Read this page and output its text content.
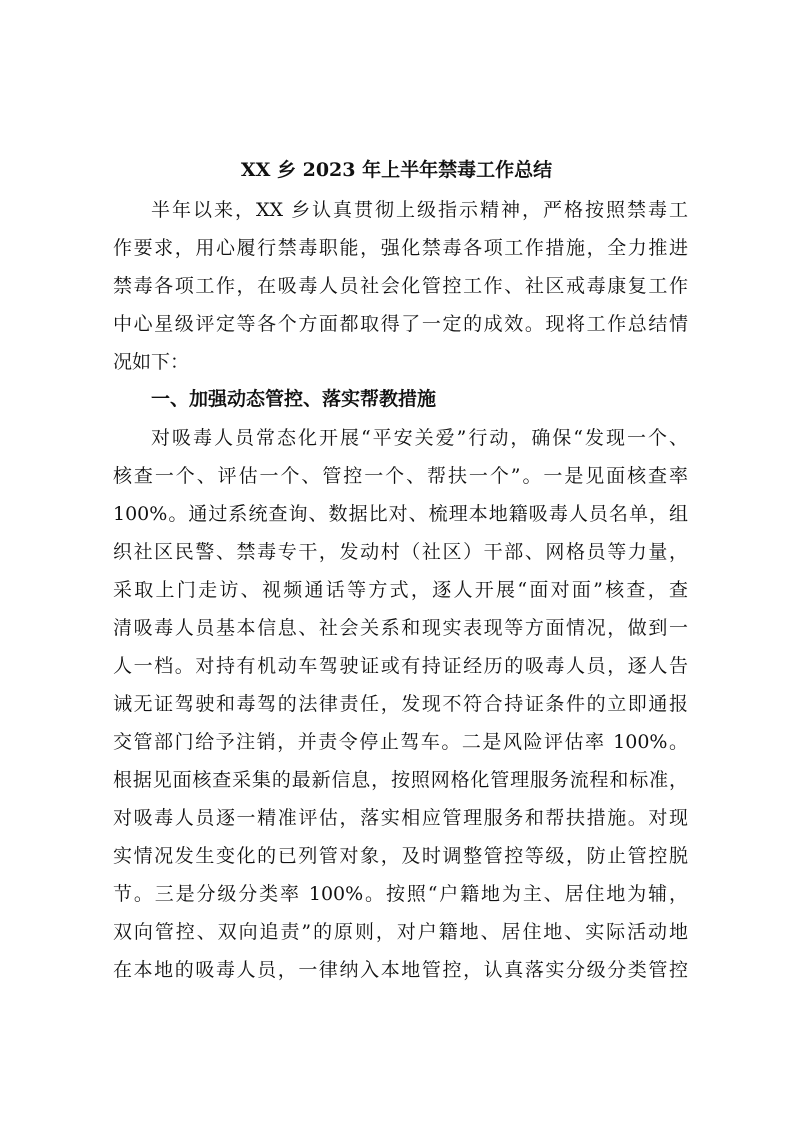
XX 乡 2023 年上半年禁毒工作总结

半年以来，XX 乡认真贯彻上级指示精神，严格按照禁毒工

作要求，用心履行禁毒职能，强化禁毒各项工作措施，全力推进

禁毒各项工作，在吸毒人员社会化管控工作、社区戒毒康复工作

中心星级评定等各个方面都取得了一定的成效。现将工作总结情

况如下：

一、加强动态管控、落实帮教措施

对吸毒人员常态化开展“平安关爱”行动，确保“发现一个、

核查一个、评估一个、管控一个、帮扶一个”。一是见面核查率

100%。通过系统查询、数据比对、梳理本地籍吸毒人员名单，组

织社区民警、禁毒专干，发动村（社区）干部、网格员等力量，

采取上门走访、视频通话等方式，逐人开展“面对面”核查，查

清吸毒人员基本信息、社会关系和现实表现等方面情况，做到一

人一档。对持有机动车驾驶证或有持证经历的吸毒人员，逐人告

诫无证驾驶和毒驾的法律责任，发现不符合持证条件的立即通报

交管部门给予注销，并责令停止驾车。二是风险评估率 100%。

根据见面核查采集的最新信息，按照网格化管理服务流程和标准，

对吸毒人员逐一精准评估，落实相应管理服务和帮扶措施。对现

实情况发生变化的已列管对象，及时调整管控等级，防止管控脱

节。三是分级分类率 100%。按照“户籍地为主、居住地为辅，

双向管控、双向追责”的原则，对户籍地、居住地、实际活动地

在本地的吸毒人员，一律纳入本地管控，认真落实分级分类管控
